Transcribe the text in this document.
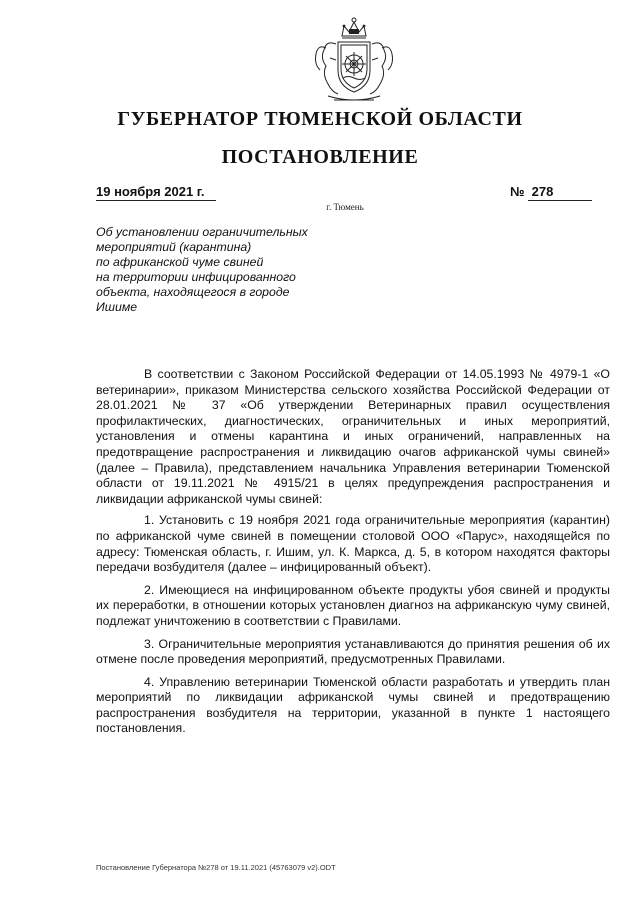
ГУБЕРНАТОР ТЮМЕНСКОЙ ОБЛАСТИ
ПОСТАНОВЛЕНИЕ
19 ноября 2021 г.	№ 278
г. Тюмень
Об установлении ограничительных
мероприятий (карантина)
по африканской чуме свиней
на территории инфицированного
объекта, находящегося в городе
Ишиме

В соответствии с Законом Российской Федерации от 14.05.1993 № 4979-1 «О ветеринарии», приказом Министерства сельского хозяйства Российской Федерации от 28.01.2021 № 37 «Об утверждении Ветеринарных правил осуществления профилактических, диагностических, ограничительных и иных мероприятий, установления и отмены карантина и иных ограничений, направленных на предотвращение распространения и ликвидацию очагов африканской чумы свиней» (далее – Правила), представлением начальника Управления ветеринарии Тюменской области от 19.11.2021 № 4915/21 в целях предупреждения распространения и ликвидации африканской чумы свиней:

1. Установить с 19 ноября 2021 года ограничительные мероприятия (карантин) по африканской чуме свиней в помещении столовой ООО «Парус», находящейся по адресу: Тюменская область, г. Ишим, ул. К. Маркса, д. 5, в котором находятся факторы передачи возбудителя (далее – инфицированный объект).

2. Имеющиеся на инфицированном объекте продукты убоя свиней и продукты их переработки, в отношении которых установлен диагноз на африканскую чуму свиней, подлежат уничтожению в соответствии с Правилами.

3. Ограничительные мероприятия устанавливаются до принятия решения об их отмене после проведения мероприятий, предусмотренных Правилами.

4. Управлению ветеринарии Тюменской области разработать и утвердить план мероприятий по ликвидации африканской чумы свиней и предотвращению распространения возбудителя на территории, указанной в пункте 1 настоящего постановления.

Постановление Губернатора №278 от 19.11.2021 (45763079 v2).ODT
